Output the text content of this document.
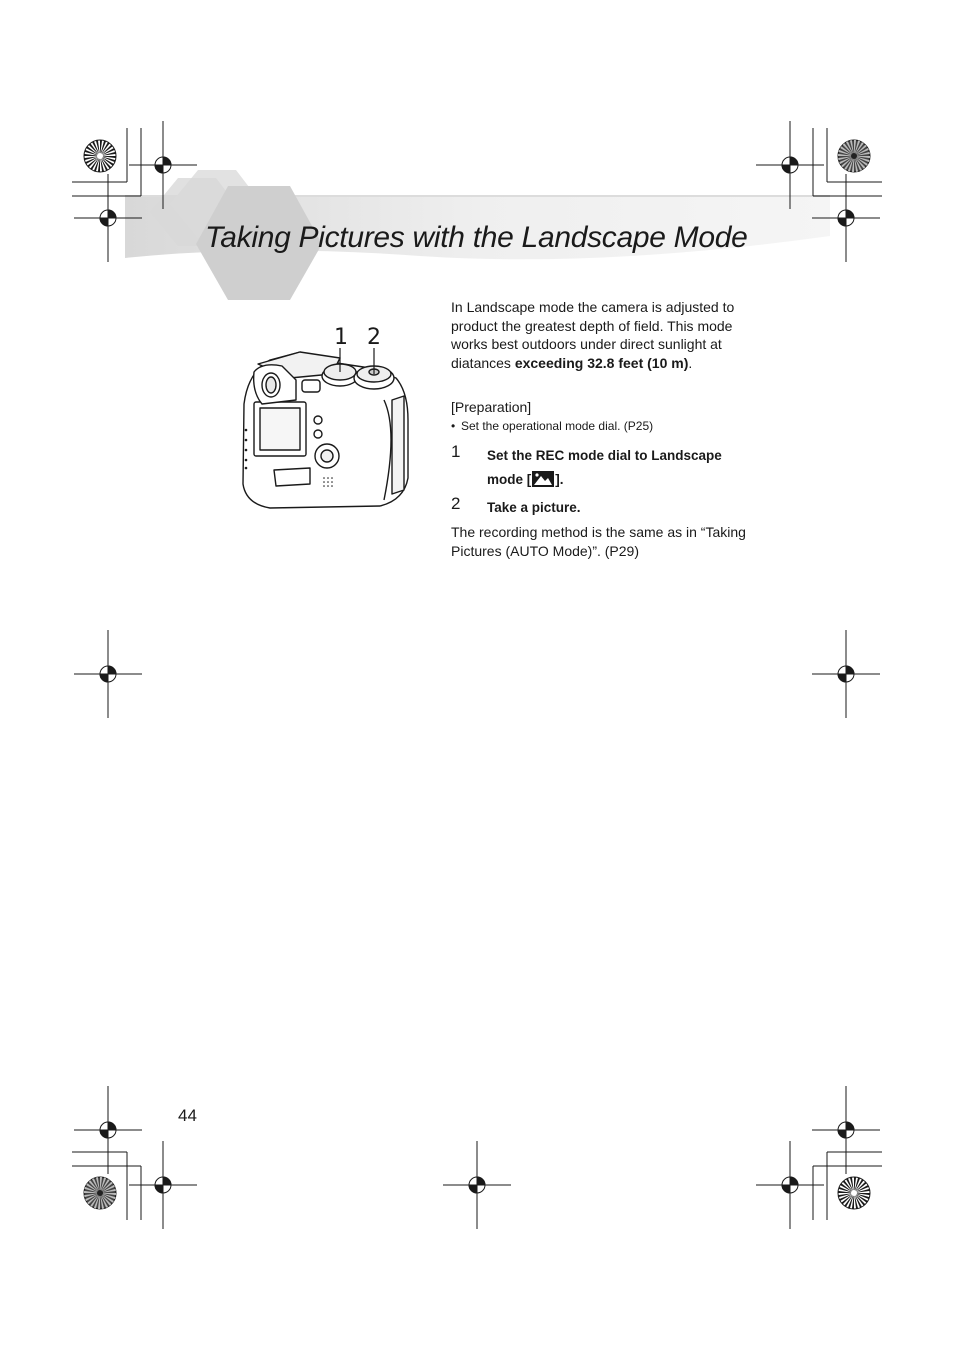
1 2
Taking Pictures with the Landscape Mode
In Landscape mode the camera is adjusted to product the greatest depth of field. This mode works best outdoors under direct sunlight at diatances exceeding 32.8 feet (10 m).
[Preparation]
• Set the operational mode dial. (P25)
1 Set the REC mode dial to Landscape mode [ ].
2 Take a picture.
The recording method is the same as in “Taking Pictures (AUTO Mode)”. (P29)
44
